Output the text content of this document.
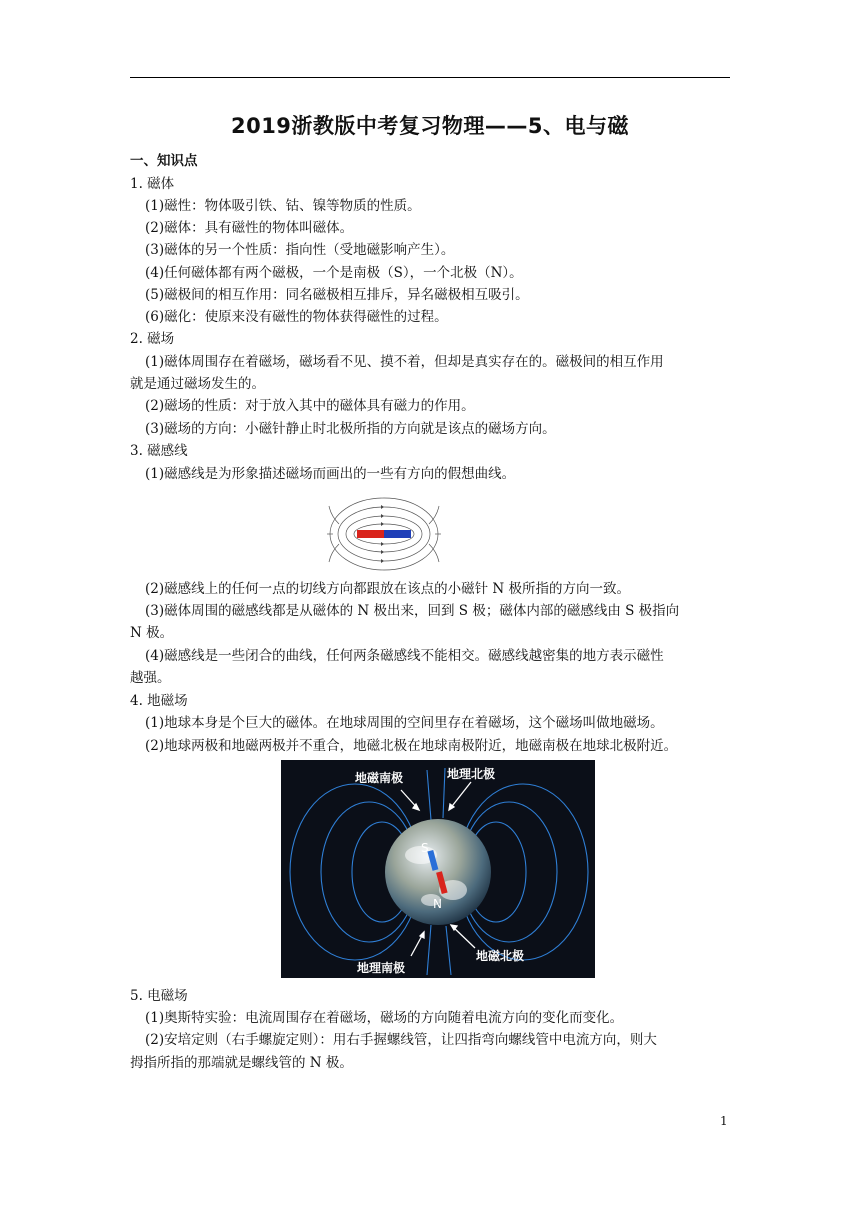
2019浙教版中考复习物理——5、电与磁
一、知识点
1. 磁体
(1)磁性：物体吸引铁、钴、镍等物质的性质。
(2)磁体：具有磁性的物体叫磁体。
(3)磁体的另一个性质：指向性（受地磁影响产生）。
(4)任何磁体都有两个磁极，一个是南极（S），一个北极（N）。
(5)磁极间的相互作用：同名磁极相互排斥，异名磁极相互吸引。
(6)磁化：使原来没有磁性的物体获得磁性的过程。
2. 磁场
(1)磁体周围存在着磁场，磁场看不见、摸不着，但却是真实存在的。磁极间的相互作用
就是通过磁场发生的。
(2)磁场的性质：对于放入其中的磁体具有磁力的作用。
(3)磁场的方向：小磁针静止时北极所指的方向就是该点的磁场方向。
3. 磁感线
(1)磁感线是为形象描述磁场而画出的一些有方向的假想曲线。
(2)磁感线上的任何一点的切线方向都跟放在该点的小磁针 N 极所指的方向一致。
(3)磁体周围的磁感线都是从磁体的 N 极出来，回到 S 极；磁体内部的磁感线由 S 极指向
N 极。
(4)磁感线是一些闭合的曲线，任何两条磁感线不能相交。磁感线越密集的地方表示磁性
越强。
4. 地磁场
(1)地球本身是个巨大的磁体。在地球周围的空间里存在着磁场，这个磁场叫做地磁场。
(2)地球两极和地磁两极并不重合，地磁北极在地球南极附近，地磁南极在地球北极附近。
S
N
地磁南极	地理北极
地理南极
地磁北极
5. 电磁场
(1)奥斯特实验：电流周围存在着磁场，磁场的方向随着电流方向的变化而变化。
(2)安培定则（右手螺旋定则）：用右手握螺线管，让四指弯向螺线管中电流方向，则大
拇指所指的那端就是螺线管的 N 极。
1
